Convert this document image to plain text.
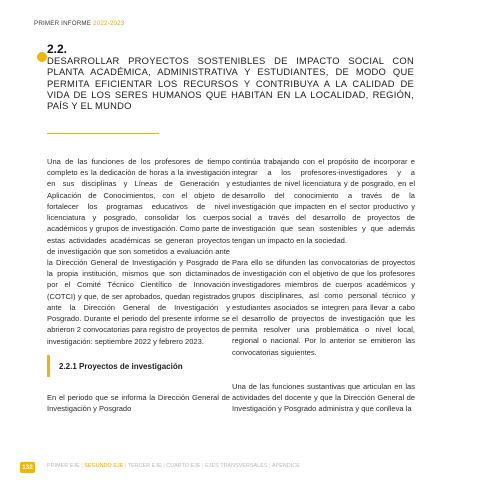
PRIMER INFORME 2022-2023
2.2.
DESARROLLAR PROYECTOS SOSTENIBLES DE IMPACTO SOCIAL CON PLANTA ACADÉMICA, ADMINISTRATIVA Y ESTUDIANTES, DE MODO QUE PERMITA EFICIENTAR LOS RECURSOS Y CONTRIBUYA A LA CALIDAD DE VIDA DE LOS SERES HUMANOS QUE HABITAN EN LA LOCALIDAD, REGIÓN, PAÍS Y EL MUNDO

Una de las funciones de los profesores de tiempo completo es la dedicación de horas a la investigación en sus disciplinas y Líneas de Generación y Aplicación de Conocimientos, con el objeto de fortalecer los programas educativos de nivel licenciatura y posgrado, consolidar los cuerpos académicos y grupos de investigación. Como parte de estas actividades académicas se generan proyectos de investigación que son sometidos a evaluación ante la Dirección General de Investigación y Posgrado de la propia institución, mismos que son dictaminados por el Comité Técnico Científico de Innovación (COTCI) y que, de ser aprobados, quedan registrados ante la Dirección General de Investigación y Posgrado. Durante el periodo del presente informe se abrieron 2 convocatorias para registro de proyectos de investigación: septiembre 2022 y febrero 2023.

2.2.1 Proyectos de investigación

En el periodo que se informa la Dirección General de Investigación y Posgrado

continúa trabajando con el propósito de incorporar e integrar a los profesores-investigadores y a estudiantes de nivel licenciatura y de posgrado, en el desarrollo del conocimiento a través de la investigación que impacten en el sector productivo y social a través del desarrollo de proyectos de investigación que sean sostenibles y que además tengan un impacto en la sociedad.

Para ello se difunden las convocatorias de proyectos de investigación con el objetivo de que los profesores investigadores miembros de cuerpos académicos y grupos disciplinares, así como personal técnico y estudiantes asociados se integren para llevar a cabo el desarrollo de proyectos de investigación que les permita resolver una problemática o nivel local, regional o nacional. Por lo anterior se emitieron las convocatorias siguientes.

Una de las funciones sustantivas que articulan en las actividades del docente y que la Dirección General de Investigación y Posgrado administra y que conlleva la

132	PRIMER EJE | SEGUNDO EJE | TERCER EJE | CUARTO EJE | EJES TRANSVERSALES | APÉNDICE
